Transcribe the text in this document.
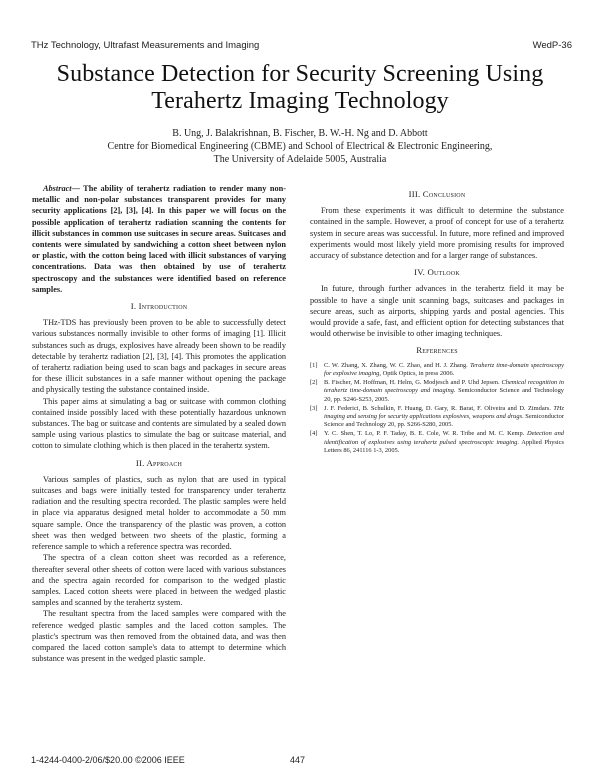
THz Technology, Ultrafast Measurements and Imaging	WedP-36
Substance Detection for Security Screening Using
Terahertz Imaging Technology
B. Ung, J. Balakrishnan, B. Fischer, B. W.-H. Ng and D. Abbott
Centre for Biomedical Engineering (CBME) and School of Electrical & Electronic Engineering,
The University of Adelaide 5005, Australia

Abstract— The ability of terahertz radiation to render many non-metallic and non-polar substances transparent provides for many security applications [2], [3], [4]. In this paper we will focus on the possible application of terahertz radiation scanning the contents for illicit substances in common use suitcases in secure areas. Suitcases and contents were simulated by sandwiching a cotton sheet between nylon or plastic, with the cotton being laced with illicit substances of varying concentrations. Data was then obtained by use of terahertz spectroscopy and the substances were identified based on reference samples.

I. Introduction

THz-TDS has previously been proven to be able to successfully detect various substances normally invisible to other forms of imaging [1]. Illicit substances such as drugs, explosives have already been shown to be readily detectable by terahertz radiation [2], [3], [4]. This promotes the application of terahertz radiation being used to scan bags and packages in secure areas for these illicit substances in a safe manner without opening the package and physically testing the substance contained inside.

This paper aims at simulating a bag or suitcase with common clothing contained inside possibly laced with these potentially hazardous unknown substances. The bag or suitcase and contents are simulated by a sealed down sample using various plastics to simulate the bag or suitcase material, and cotton to simulate clothing which is then placed in the terahertz system.

II. Approach

Various samples of plastics, such as nylon that are used in typical suitcases and bags were initially tested for transparency under terahertz radiation and the resulting spectra recorded. The plastic samples were held in place via apparatus designed metal holder to accommodate a 50 mm square sample. Once the transparency of the plastic was proven, a cotton sheet was then wedged between two sheets of the plastic, forming a reference sample to which a reference spectra was recorded.

The spectra of a clean cotton sheet was recorded as a reference, thereafter several other sheets of cotton were laced with various substances and the spectra again recorded for comparison to the wedged plastic samples. Laced cotton sheets were placed in between the wedged plastic samples and scanned by the terahertz system.

The resultant spectra from the laced samples were compared with the reference wedged plastic samples and the laced cotton samples. The plastic's spectrum was then removed from the obtained data, and was then compared the laced cotton sample's data to attempt to determine which substance was present in the wedged plastic sample.

III. Conclusion

From these experiments it was difficult to determine the substance contained in the sample. However, a proof of concept for use of a terahertz system in secure areas was successful. In future, more refined and improved experiments would most likely yield more promising results for improved accuracy of substance detection and for a larger range of substances.

IV. Outlook

In future, through further advances in the terahertz field it may be possible to have a single unit scanning bags, suitcases and packages in secure areas, such as airports, shipping yards and postal agencies. This would provide a safe, fast, and efficient option for detecting substances that would otherwise be invisible to other imaging techniques.

References
[1]	C. W. Zhang, X. Zhang, W. C. Zhao, and H. J. Zhang. Terahertz time-domain spectroscopy for explosive imaging, Optik Optics, in press 2006.
[2]	B. Fischer, M. Hoffman, H. Helm, G. Modjesch and P. Uhd Jepsen. Chemical recognition in terahertz time-domain spectroscopy and imaging. Semiconductor Science and Technology 20, pp. S246-S253, 2005.
[3]	J. F. Federici, B. Schulkin, F. Huang, D. Gary, R. Barat, F. Oliveira and D. Zimdars. THz imaging and sensing for security applications explosives, weapons and drugs. Semiconductor Science and Technology 20, pp. S266-S280, 2005.
[4]	Y. C. Shen, T. Lo, P. F. Taday, B. E. Cole, W. R. Tribe and M. C. Kemp. Detection and identification of explosives using terahertz pulsed spectroscopic imaging. Applied Physics Letters 86, 241116 1-3, 2005.
1-4244-0400-2/06/$20.00 ©2006 IEEE	447
